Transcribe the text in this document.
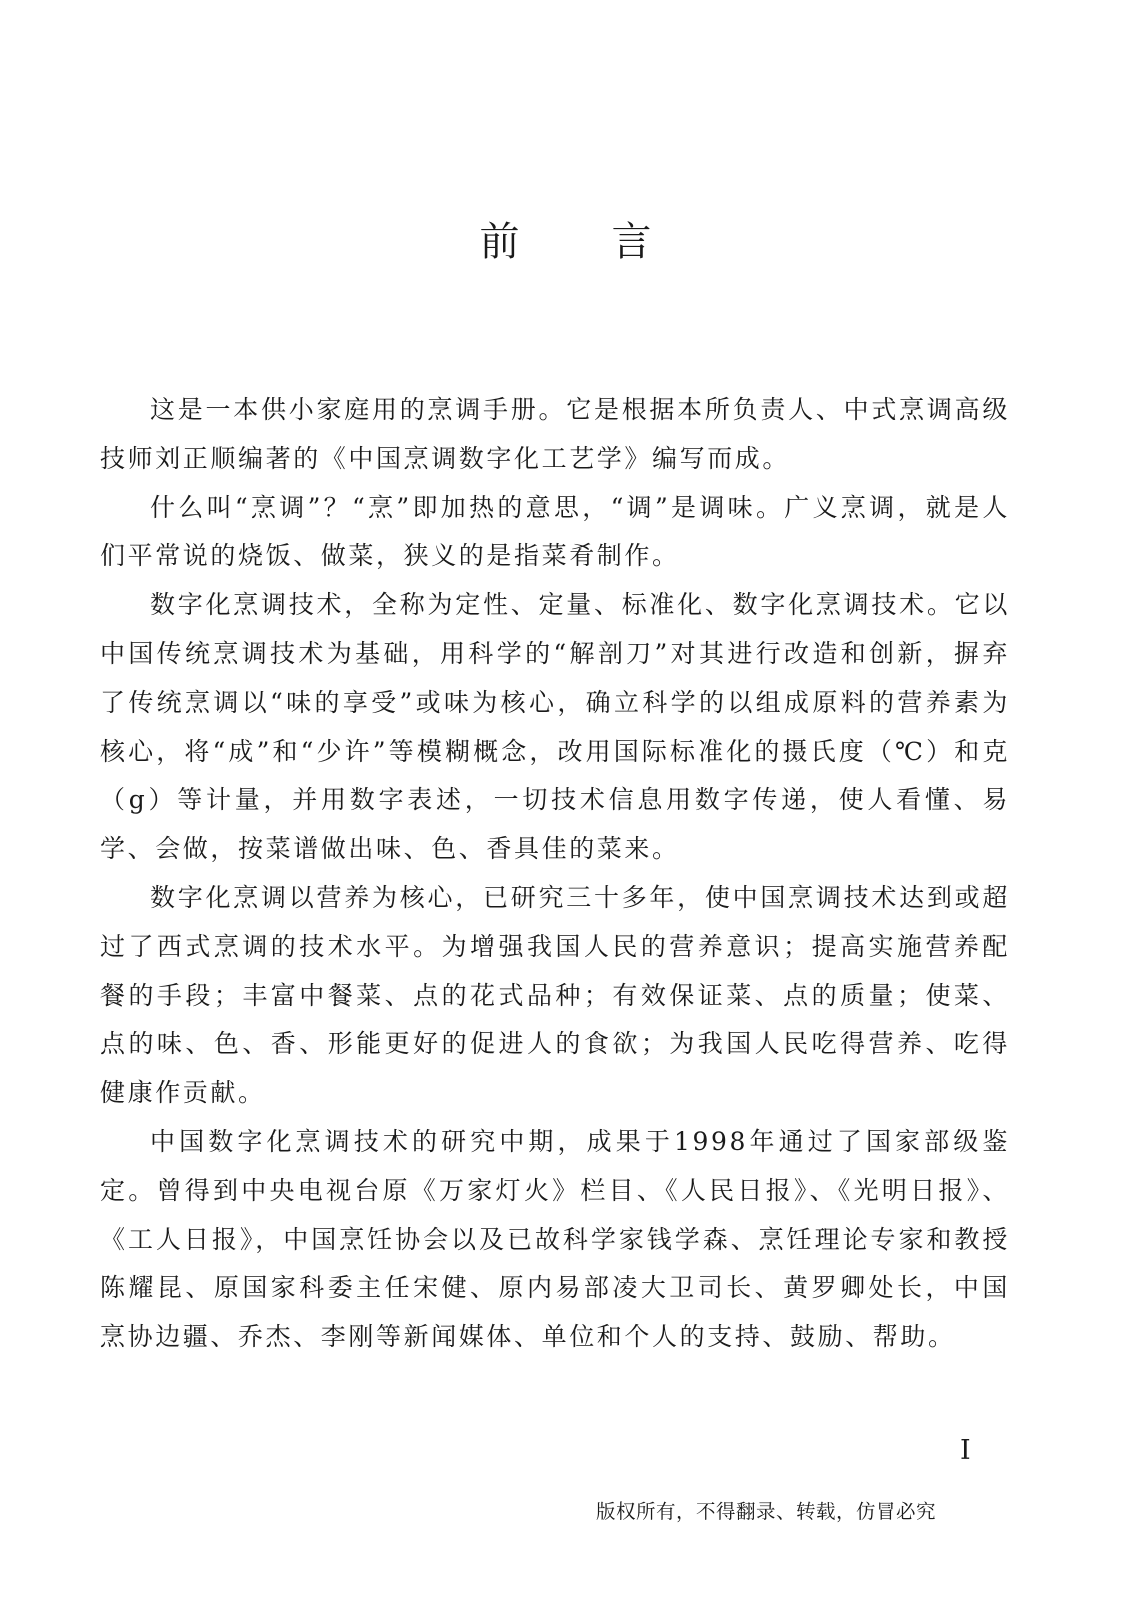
前 言

这是一本供小家庭用的烹调手册。它是根据本所负责人、中式烹调高级技师刘正顺编著的《中国烹调数字化工艺学》编写而成。

什么叫“烹调”？“烹”即加热的意思，“调”是调味。广义烹调，就是人们平常说的烧饭、做菜，狭义的是指菜肴制作。

数字化烹调技术，全称为定性、定量、标准化、数字化烹调技术。它以中国传统烹调技术为基础，用科学的“解剖刀”对其进行改造和创新，摒弃了传统烹调以“味的享受”或味为核心，确立科学的以组成原料的营养素为核心，将“成”和“少许”等模糊概念，改用国际标准化的摄氏度（℃）和克（g）等计量，并用数字表述，一切技术信息用数字传递，使人看懂、易学、会做，按菜谱做出味、色、香具佳的菜来。

数字化烹调以营养为核心，已研究三十多年，使中国烹调技术达到或超过了西式烹调的技术水平。为增强我国人民的营养意识；提高实施营养配餐的手段；丰富中餐菜、点的花式品种；有效保证菜、点的质量；使菜、点的味、色、香、形能更好的促进人的食欲；为我国人民吃得营养、吃得健康作贡献。

中国数字化烹调技术的研究中期，成果于1998年通过了国家部级鉴定。曾得到中央电视台原《万家灯火》栏目、《人民日报》、《光明日报》、《工人日报》，中国烹饪协会以及已故科学家钱学森、烹饪理论专家和教授陈耀昆、原国家科委主任宋健、原内易部凌大卫司长、黄罗卿处长，中国烹协边疆、乔杰、李刚等新闻媒体、单位和个人的支持、鼓励、帮助。

I
版权所有，不得翻录、转载，仿冒必究
